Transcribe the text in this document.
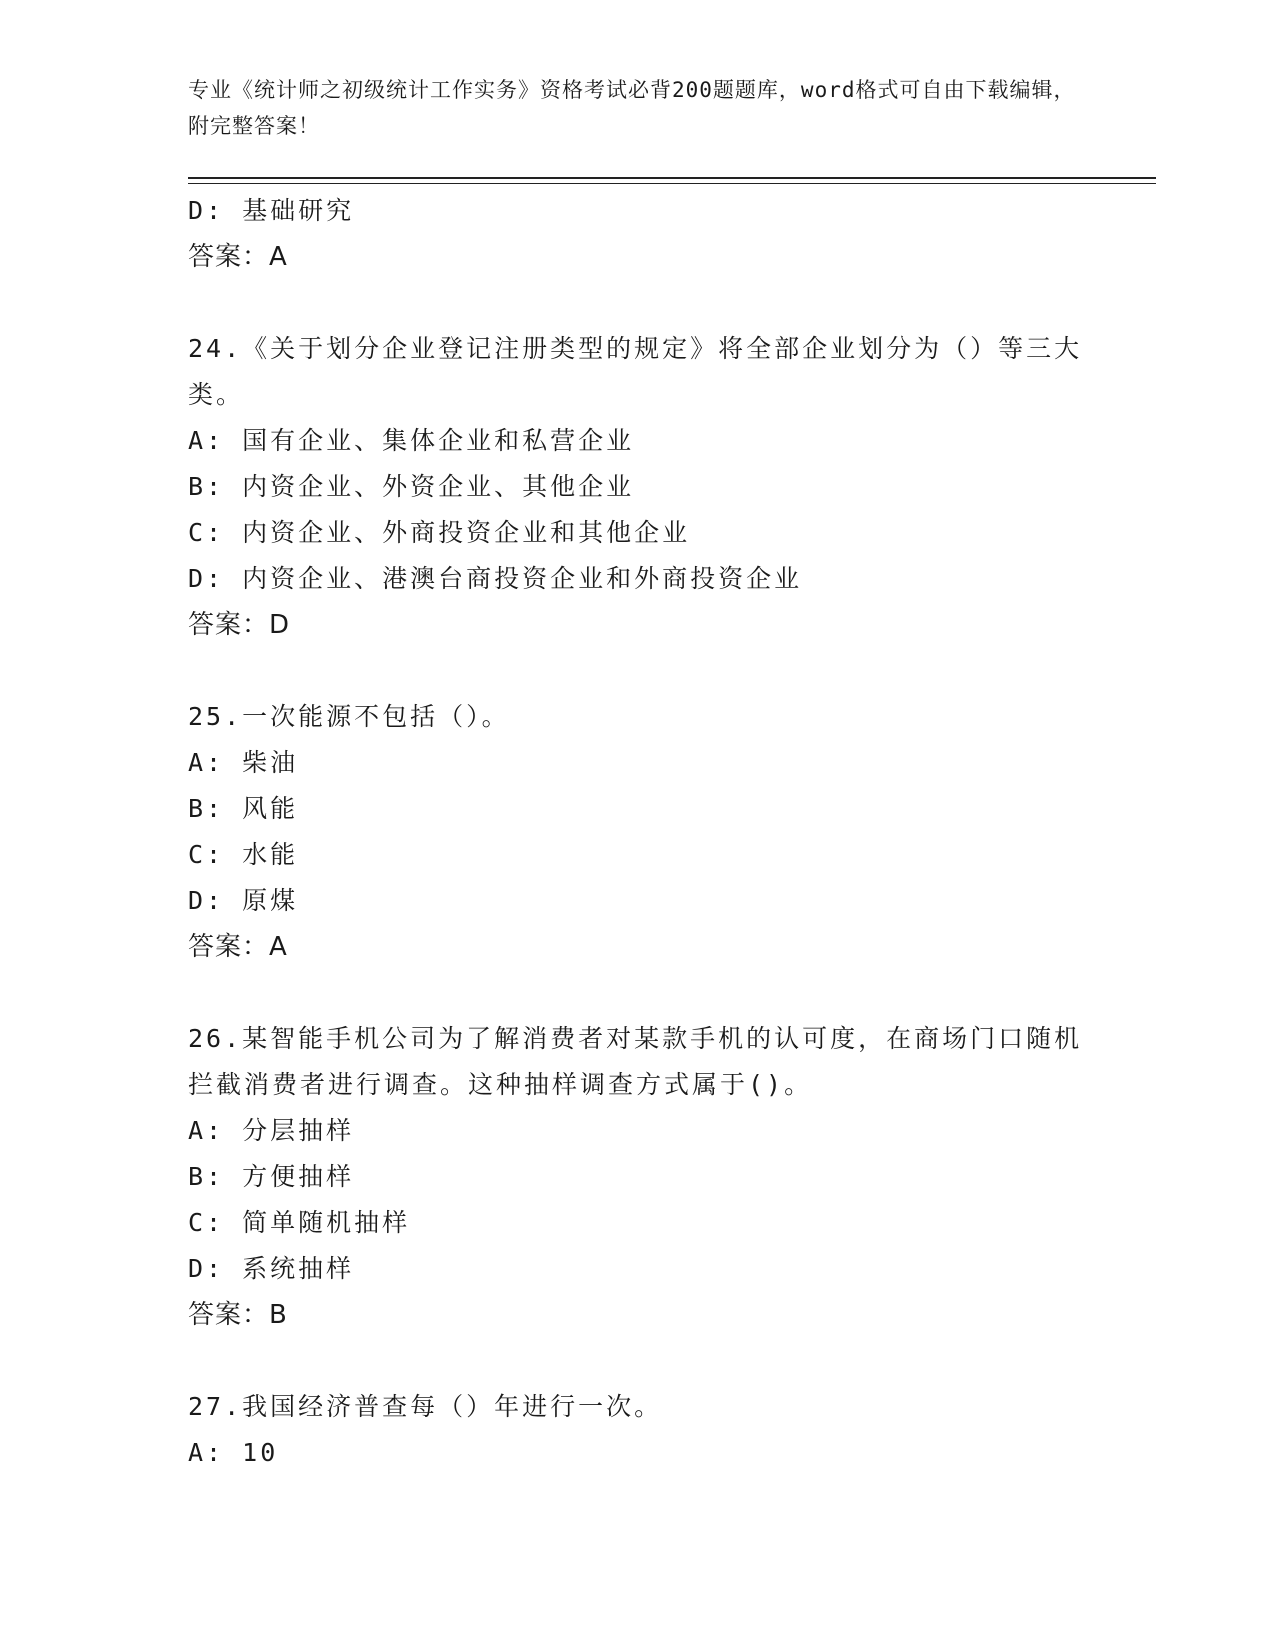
专业《统计师之初级统计工作实务》资格考试必背200题题库，word格式可自由下载编辑，附完整答案！
D: 基础研究
答案：A
24.《关于划分企业登记注册类型的规定》将全部企业划分为（）等三大类。
A: 国有企业、集体企业和私营企业
B: 内资企业、外资企业、其他企业
C: 内资企业、外商投资企业和其他企业
D: 内资企业、港澳台商投资企业和外商投资企业
答案：D
25.一次能源不包括（）。
A: 柴油
B: 风能
C: 水能
D: 原煤
答案：A
26.某智能手机公司为了解消费者对某款手机的认可度，在商场门口随机拦截消费者进行调查。这种抽样调查方式属于()。
A: 分层抽样
B: 方便抽样
C: 简单随机抽样
D: 系统抽样
答案：B
27.我国经济普查每（）年进行一次。
A: 10
